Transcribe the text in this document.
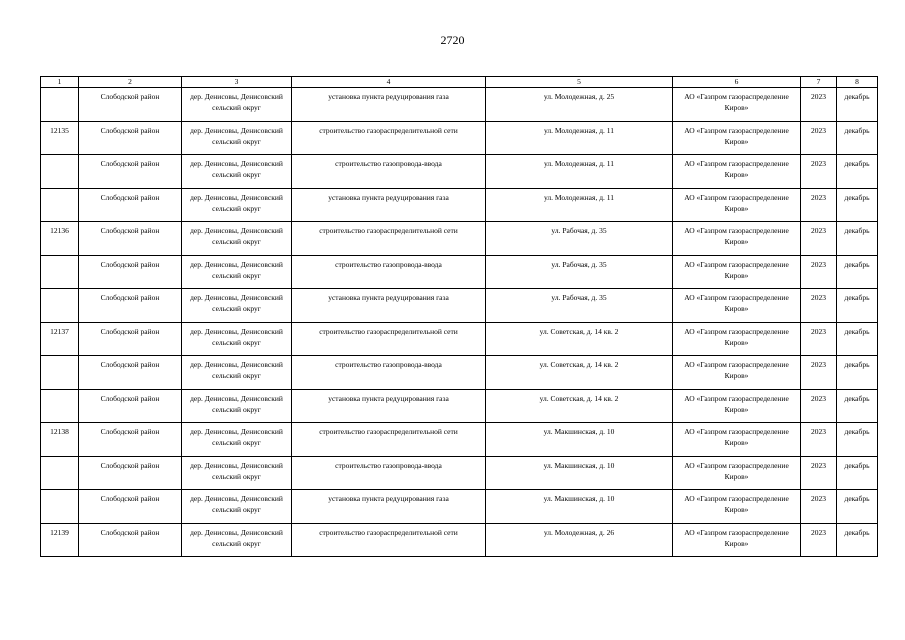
2720
1	2	3	4	5	6	7	8
	Слободской район	дер. Денисовы, Денисовский сельский округ	установка пункта редуцирования газа	ул. Молодежная, д. 25	АО «Газпром газораспределение Киров»	2023	декабрь
12135	Слободской район	дер. Денисовы, Денисовский сельский округ	строительство газораспределительной сети	ул. Молодежная, д. 11	АО «Газпром газораспределение Киров»	2023	декабрь
	Слободской район	дер. Денисовы, Денисовский сельский округ	строительство газопровода-ввода	ул. Молодежная, д. 11	АО «Газпром газораспределение Киров»	2023	декабрь
	Слободской район	дер. Денисовы, Денисовский сельский округ	установка пункта редуцирования газа	ул. Молодежная, д. 11	АО «Газпром газораспределение Киров»	2023	декабрь
12136	Слободской район	дер. Денисовы, Денисовский сельский округ	строительство газораспределительной сети	ул. Рабочая, д. 35	АО «Газпром газораспределение Киров»	2023	декабрь
	Слободской район	дер. Денисовы, Денисовский сельский округ	строительство газопровода-ввода	ул. Рабочая, д. 35	АО «Газпром газораспределение Киров»	2023	декабрь
	Слободской район	дер. Денисовы, Денисовский сельский округ	установка пункта редуцирования газа	ул. Рабочая, д. 35	АО «Газпром газораспределение Киров»	2023	декабрь
12137	Слободской район	дер. Денисовы, Денисовский сельский округ	строительство газораспределительной сети	ул. Советская, д. 14 кв. 2	АО «Газпром газораспределение Киров»	2023	декабрь
	Слободской район	дер. Денисовы, Денисовский сельский округ	строительство газопровода-ввода	ул. Советская, д. 14 кв. 2	АО «Газпром газораспределение Киров»	2023	декабрь
	Слободской район	дер. Денисовы, Денисовский сельский округ	установка пункта редуцирования газа	ул. Советская, д. 14 кв. 2	АО «Газпром газораспределение Киров»	2023	декабрь
12138	Слободской район	дер. Денисовы, Денисовский сельский округ	строительство газораспределительной сети	ул. Макшинская, д. 10	АО «Газпром газораспределение Киров»	2023	декабрь
	Слободской район	дер. Денисовы, Денисовский сельский округ	строительство газопровода-ввода	ул. Макшинская, д. 10	АО «Газпром газораспределение Киров»	2023	декабрь
	Слободской район	дер. Денисовы, Денисовский сельский округ	установка пункта редуцирования газа	ул. Макшинская, д. 10	АО «Газпром газораспределение Киров»	2023	декабрь
12139	Слободской район	дер. Денисовы, Денисовский сельский округ	строительство газораспределительной сети	ул. Молодежная, д. 26	АО «Газпром газораспределение Киров»	2023	декабрь
